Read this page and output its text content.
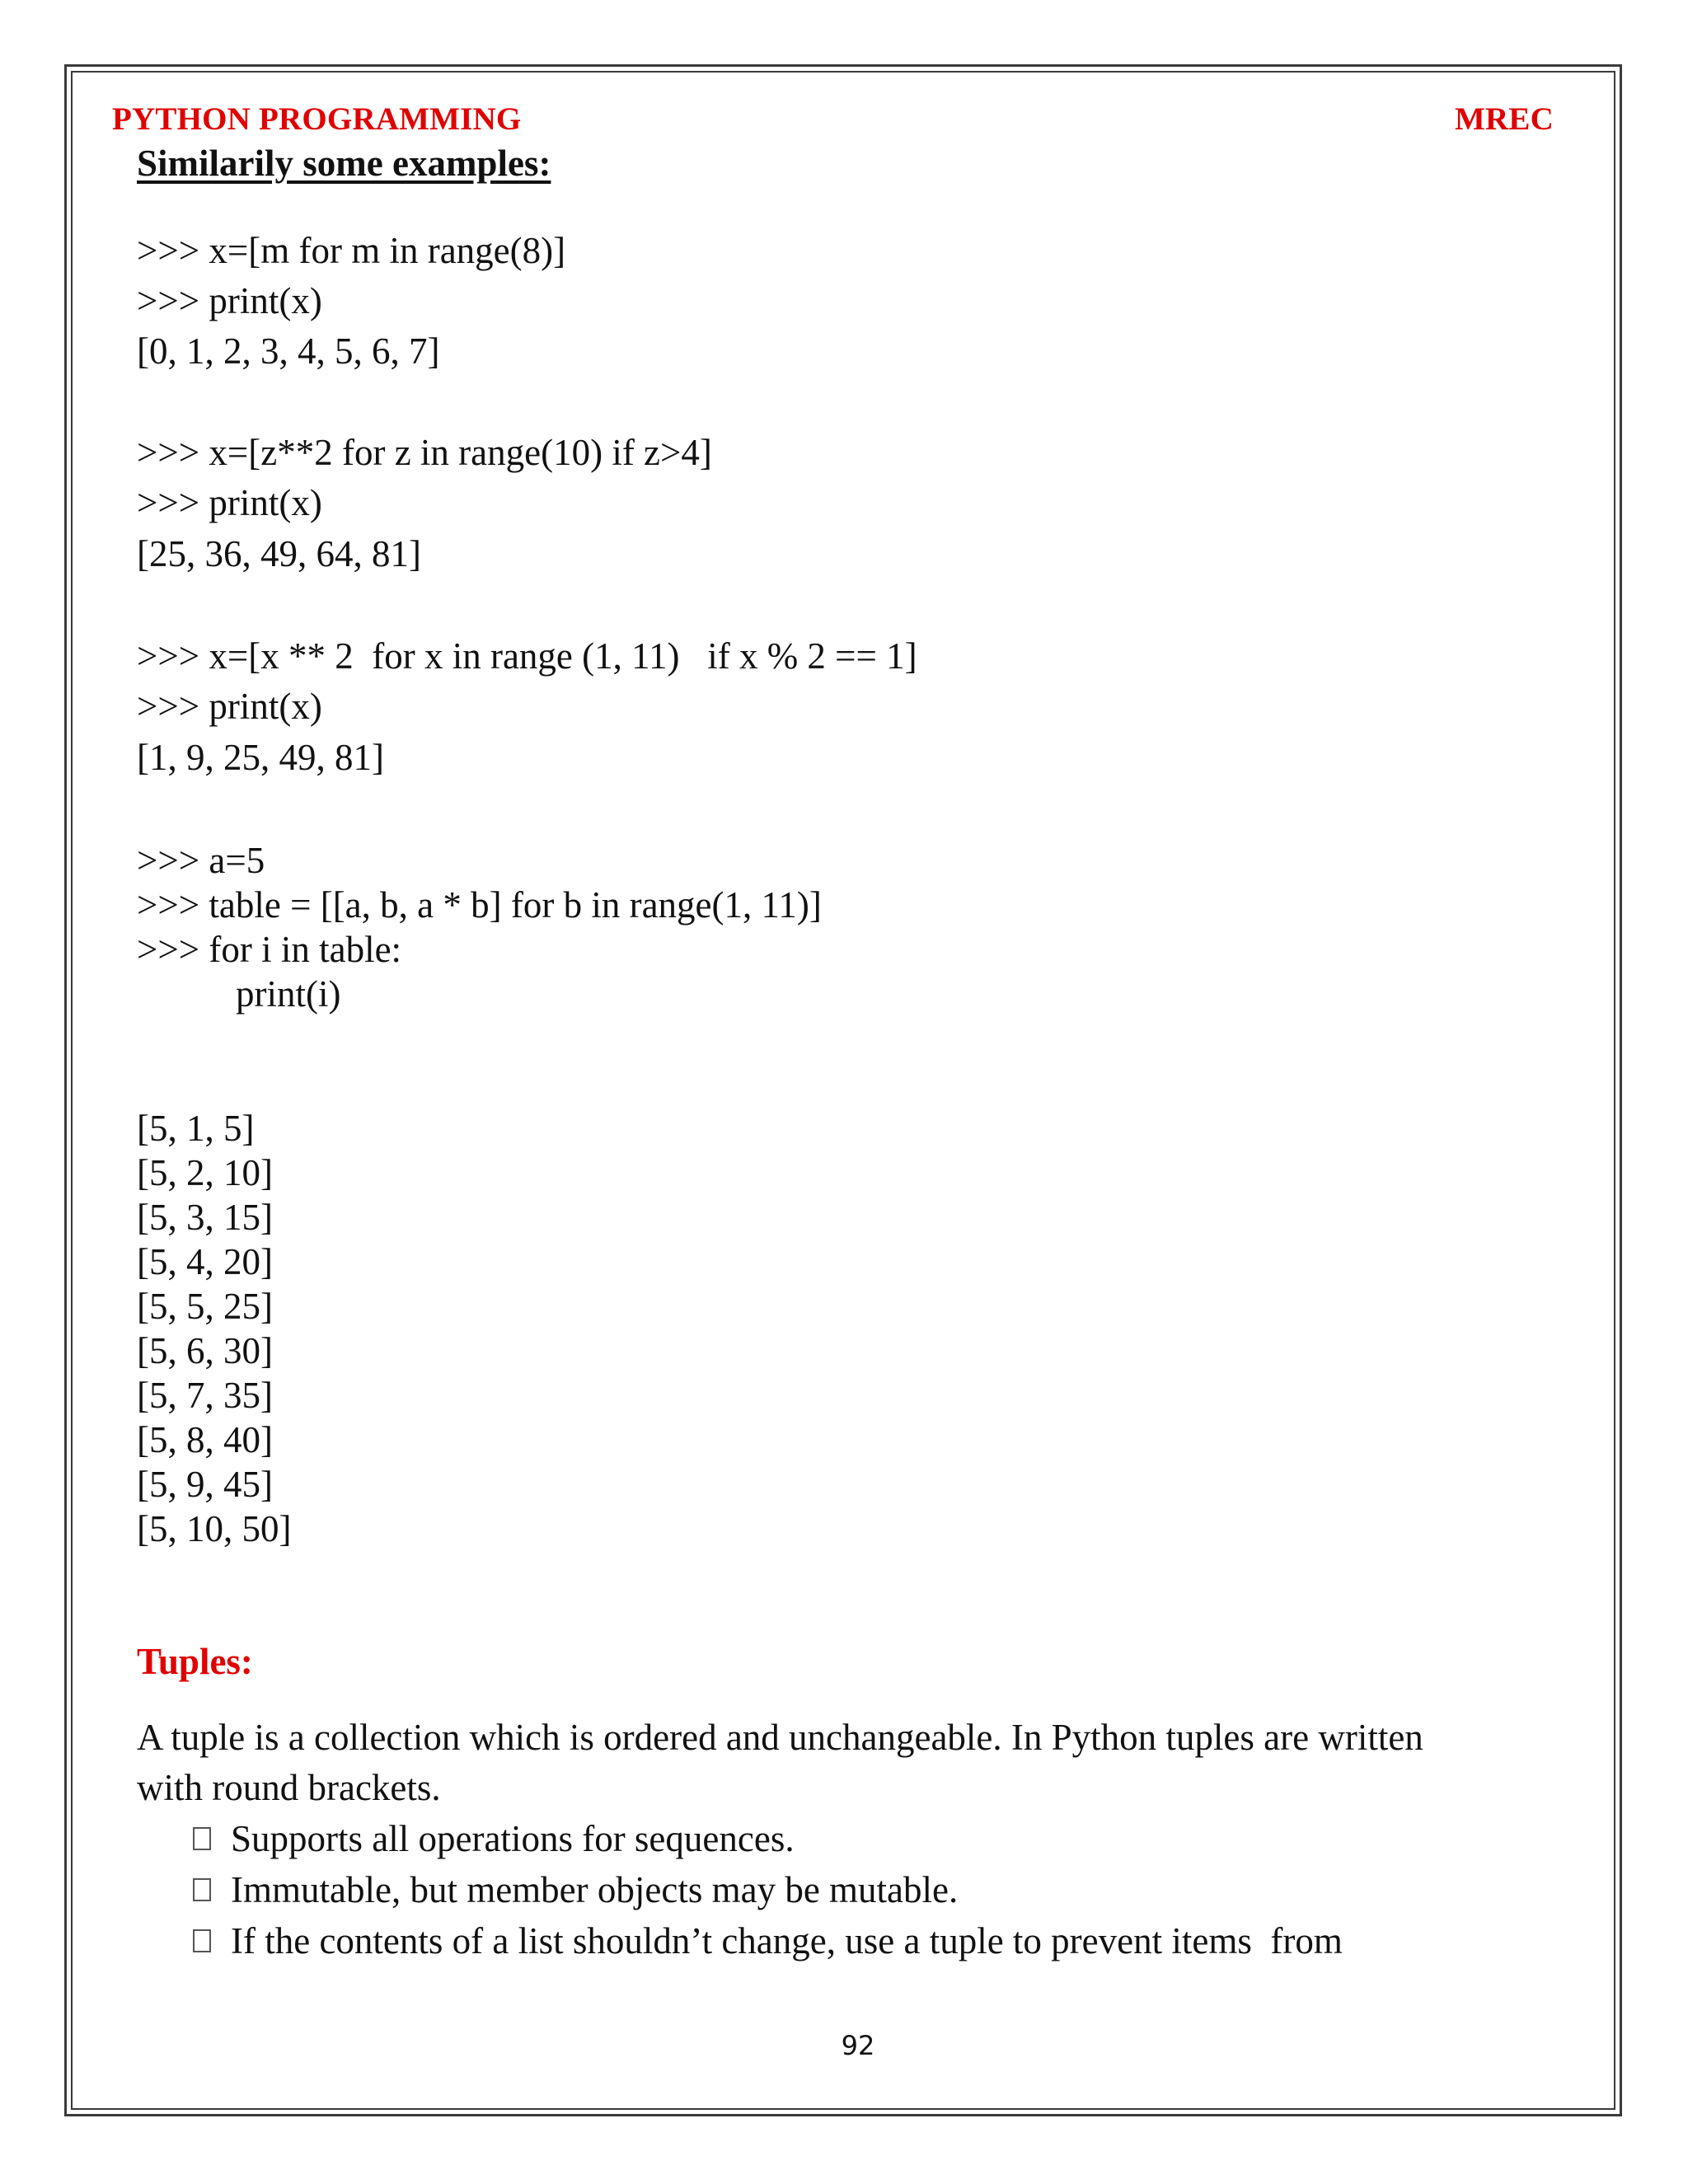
PYTHON PROGRAMMING	MREC
Similarily some examples:
>>> x=[m for m in range(8)]
>>> print(x)
[0, 1, 2, 3, 4, 5, 6, 7]
>>> x=[z**2 for z in range(10) if z>4]
>>> print(x)
[25, 36, 49, 64, 81]
>>> x=[x ** 2  for x in range (1, 11)   if x % 2 == 1]
>>> print(x)
[1, 9, 25, 49, 81]
>>> a=5
>>> table = [[a, b, a * b] for b in range(1, 11)]
>>> for i in table:
print(i)
[5, 1, 5]
[5, 2, 10]
[5, 3, 15]
[5, 4, 20]
[5, 5, 25]
[5, 6, 30]
[5, 7, 35]
[5, 8, 40]
[5, 9, 45]
[5, 10, 50]
Tuples:
A tuple is a collection which is ordered and unchangeable. In Python tuples are written
with round brackets.
Supports all operations for sequences.
Immutable, but member objects may be mutable.
If the contents of a list shouldn’t change, use a tuple to prevent items  from
92
